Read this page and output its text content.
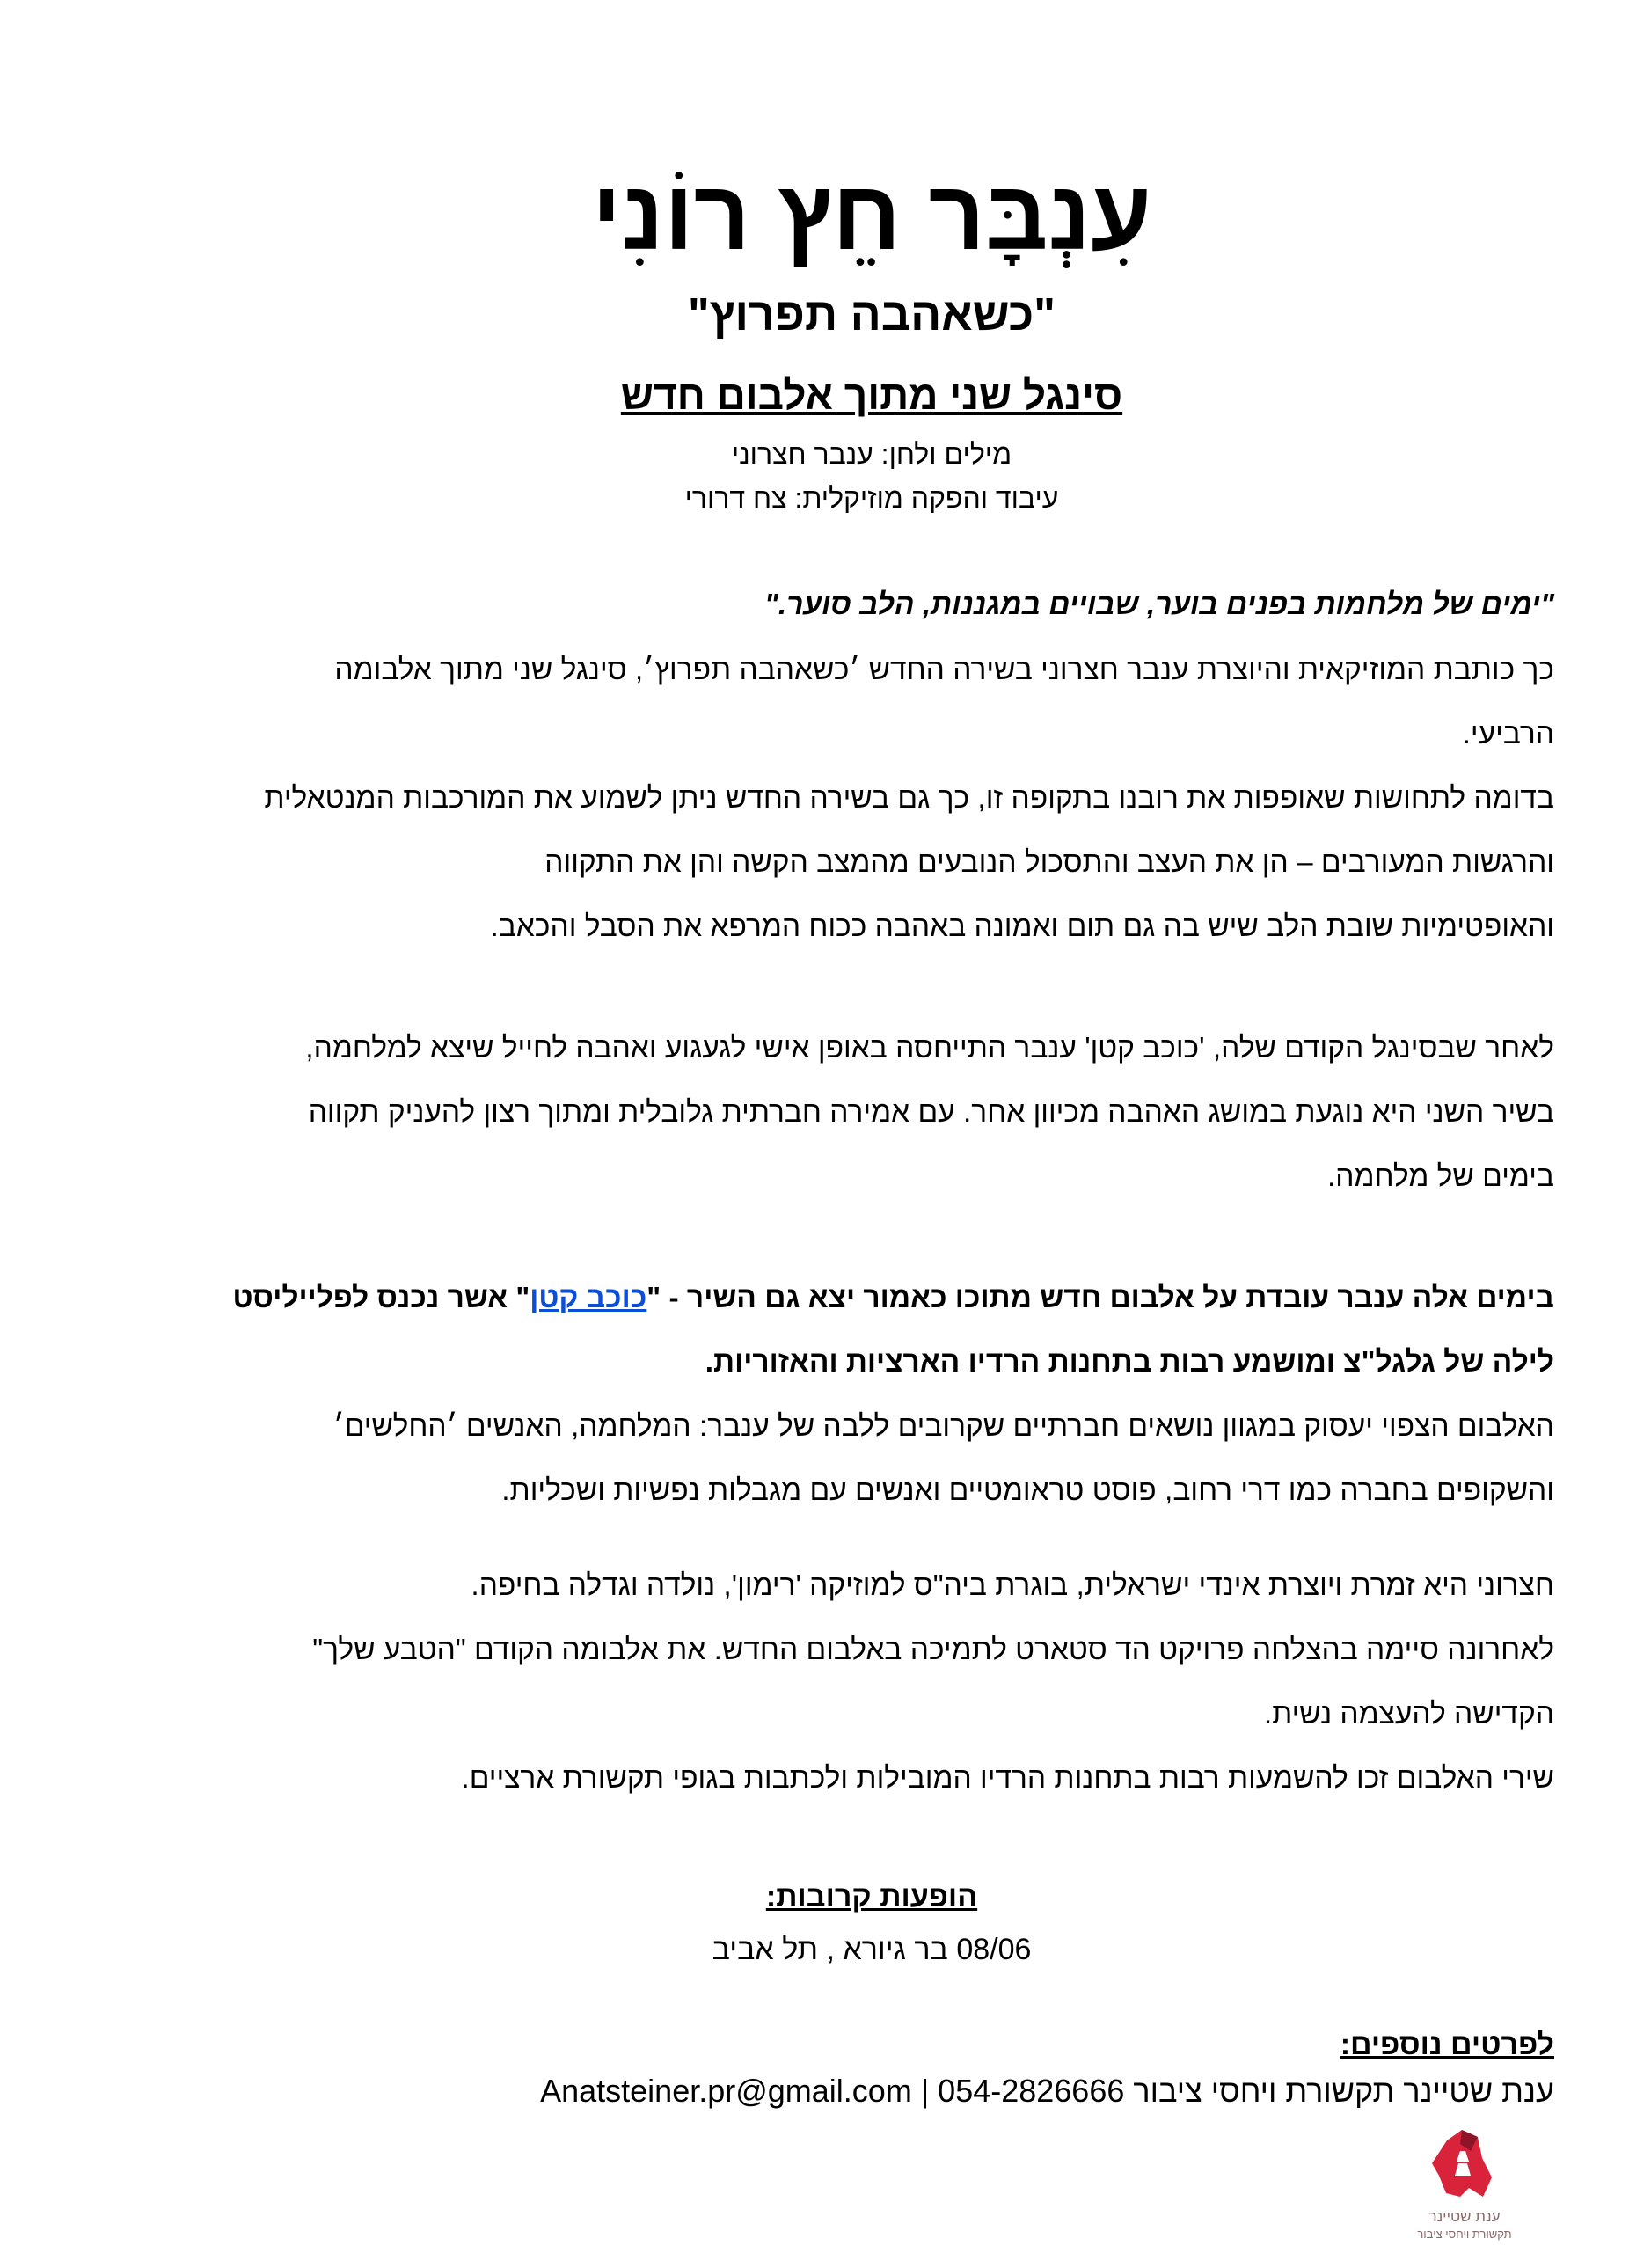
עִנְבָּר חֵץ רוֹנִי
"כשאהבה תפרוץ"
סינגל שני מתוך אלבום חדש
מילים ולחן: ענבר חצרוני
עיבוד והפקה מוזיקלית: צח דרורי
"ימים של מלחמות בפנים בוער, שבויים במגננות, הלב סוער."
כך כותבת המוזיקאית והיוצרת ענבר חצרוני בשירה החדש ׳כשאהבה תפרוץ׳, סינגל שני מתוך אלבומה
הרביעי.
בדומה לתחושות שאופפות את רובנו בתקופה זו, כך גם בשירה החדש ניתן לשמוע את המורכבות המנטאלית
והרגשות המעורבים – הן את העצב והתסכול הנובעים מהמצב הקשה והן את התקווה
והאופטימיות שובת הלב שיש בה גם תום ואמונה באהבה ככוח המרפא את הסבל והכאב.
לאחר שבסינגל הקודם שלה, 'כוכב קטן' ענבר התייחסה באופן אישי לגעגוע ואהבה לחייל שיצא למלחמה,
בשיר השני היא נוגעת במושג האהבה מכיוון אחר. עם אמירה חברתית גלובלית ומתוך רצון להעניק תקווה
בימים של מלחמה.
בימים אלה ענבר עובדת על אלבום חדש מתוכו כאמור יצא גם השיר - "כוכב קטן" אשר נכנס לפלייליסט
לילה של גלגל"צ ומושמע רבות בתחנות הרדיו הארציות והאזוריות.
האלבום הצפוי יעסוק במגוון נושאים חברתיים שקרובים ללבה של ענבר: המלחמה, האנשים ׳החלשים׳
והשקופים בחברה כמו דרי רחוב, פוסט טראומטיים ואנשים עם מגבלות נפשיות ושכליות.
חצרוני היא זמרת ויוצרת אינדי ישראלית, בוגרת ביה"ס למוזיקה 'רימון', נולדה וגדלה בחיפה.
לאחרונה סיימה בהצלחה פרויקט הד סטארט לתמיכה באלבום החדש. את אלבומה הקודם "הטבע שלך"
הקדישה להעצמה נשית.
שירי האלבום זכו להשמעות רבות בתחנות הרדיו המובילות ולכתבות בגופי תקשורת ארציים.
הופעות קרובות:
08/06 בר גיורא , תל אביב
לפרטים נוספים:
ענת שטיינר תקשורת ויחסי ציבור 054-2826666 | Anatsteiner.pr@gmail.com
ענת שטיינר
תקשורת ויחסי ציבור
